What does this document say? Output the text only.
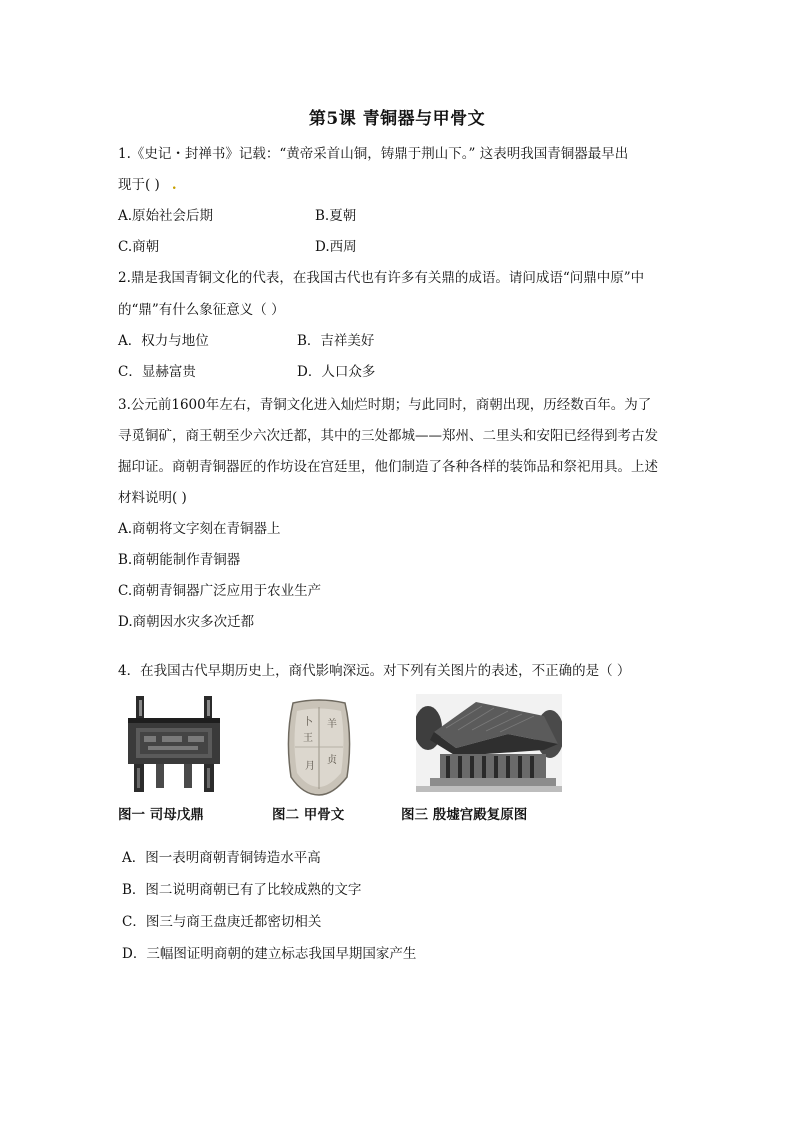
第5课 青铜器与甲骨文
1.《史记・封禅书》记载：“黄帝采首山铜，铸鼎于荆山下。” 这表明我国青铜器最早出
现于( ) .
A.原始社会后期	B.夏朝
C.商朝	D.西周
2.鼎是我国青铜文化的代表，在我国古代也有许多有关鼎的成语。请问成语“问鼎中原”中
的“鼎”有什么象征意义（ ）
A．权力与地位	B．吉祥美好
C．显赫富贵	D．人口众多
3.公元前1600年左右，青铜文化进入灿烂时期；与此同时，商朝出现，历经数百年。为了
寻觅铜矿，商王朝至少六次迁都，其中的三处都城——郑州、二里头和安阳已经得到考古发
掘印证。商朝青铜器匠的作坊设在宫廷里，他们制造了各种各样的装饰品和祭祀用具。上述
材料说明( )
A.商朝将文字刻在青铜器上
B.商朝能制作青铜器
C.商朝青铜器广泛应用于农业生产
D.商朝因水灾多次迁都
4．在我国古代早期历史上，商代影响深远。对下列有关图片的表述，不正确的是（ ）
卜 羊
王
贞
月
图一 司母戊鼎	图二 甲骨文	图三 殷墟宫殿复原图
A．图一表明商朝青铜铸造水平高
B．图二说明商朝已有了比较成熟的文字
C．图三与商王盘庚迁都密切相关
D．三幅图证明商朝的建立标志我国早期国家产生
